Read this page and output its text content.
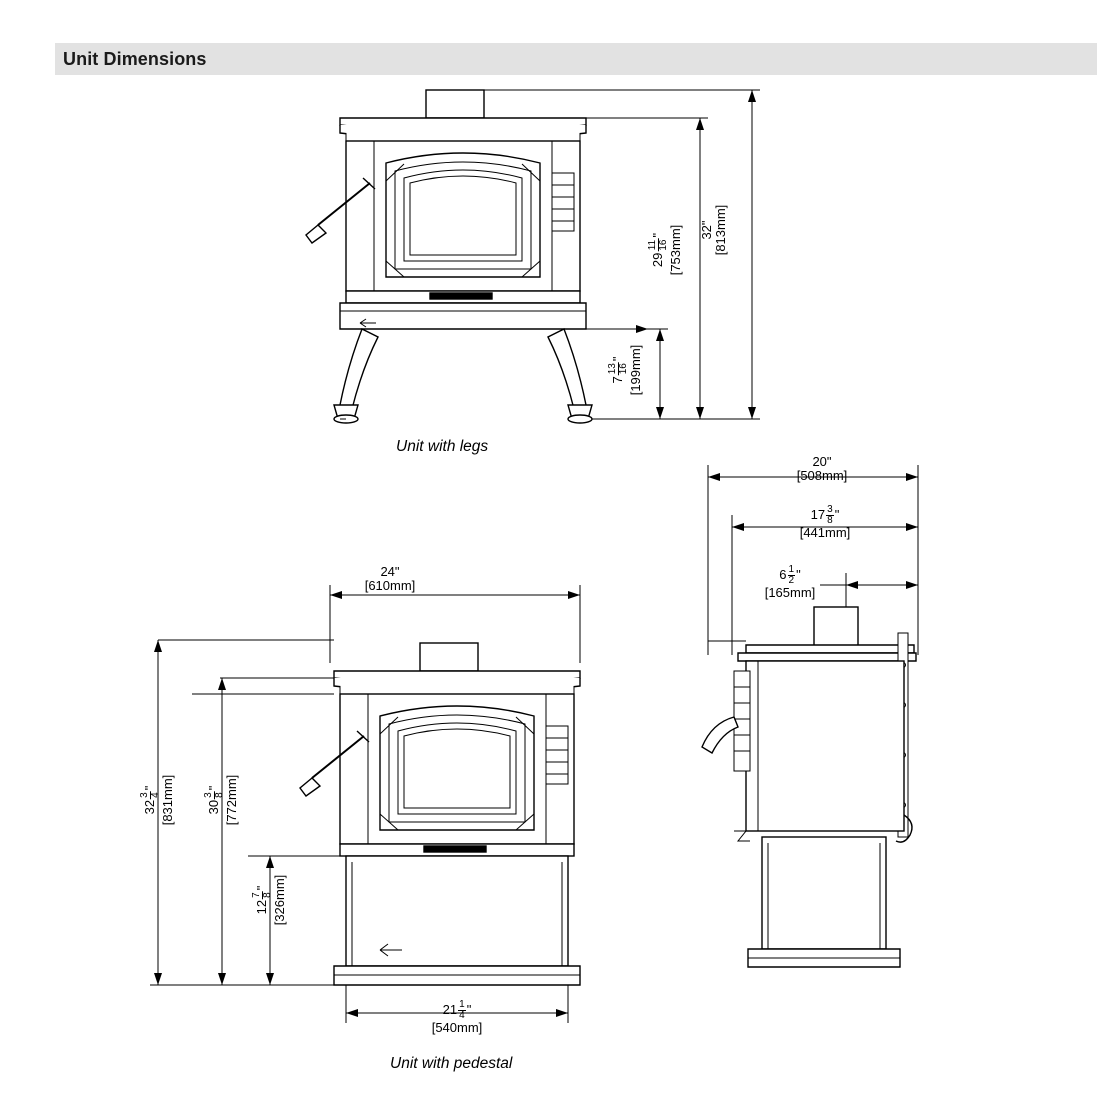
Unit Dimensions
32"
[813mm]
29
11 16
" [753mm]
7
13 16
" [199mm]
Unit with legs
24"
[610mm]
32
3 4
" [831mm] 30
3 8
" [772mm]
12
7 8
" [326mm]
$21 \frac{1}{4}$ "
[540mm]
Unit with pedestal
20"
[508mm]
$17 \frac{3}{8}$ "
[441mm]
$6 \frac{1}{2}$ "
[165mm]
